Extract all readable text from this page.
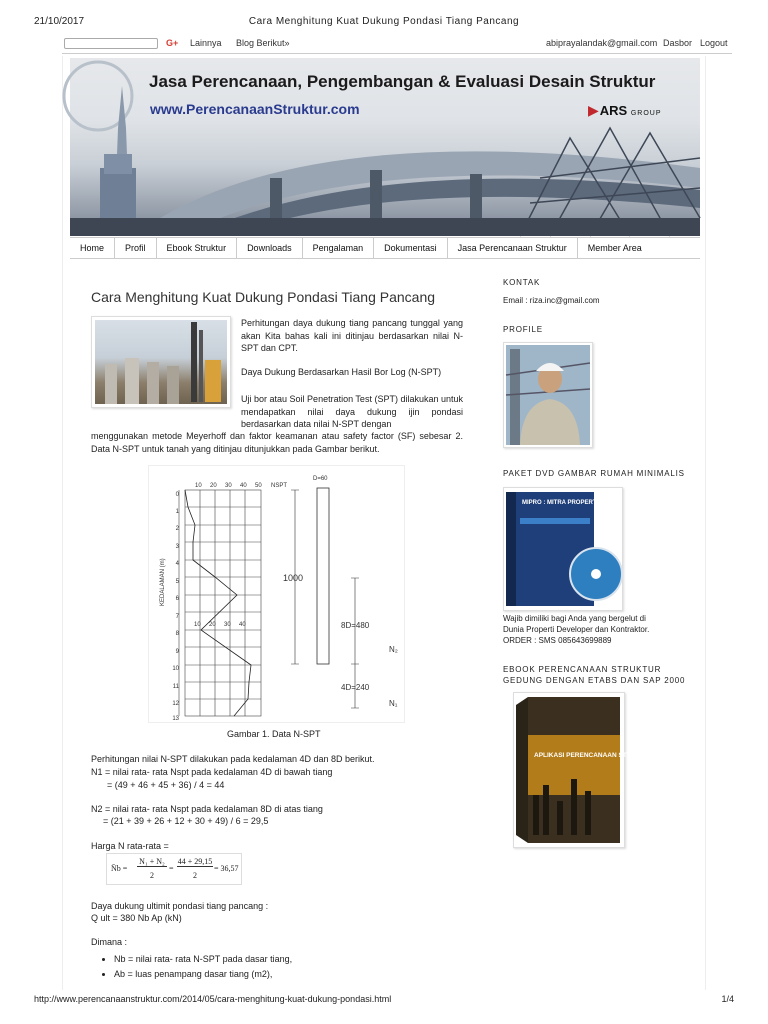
21/10/2017	Cara Menghitung Kuat Dukung Pondasi Tiang Pancang
G+ Lainnya Blog Berikut»	abiprayalandak@gmail.com Dasbor Logout
Jasa Perencanaan, Pengembangan & Evaluasi Desain Struktur
www.PerencanaanStruktur.com	▶ARS GROUP
Home	Profil	Ebook Struktur	Downloads	Pengalaman	Dokumentasi	Jasa Perencanaan Struktur	Member Area
Cara Menghitung Kuat Dukung Pondasi Tiang Pancang
Perhitungan daya dukung tiang pancang tunggal yang akan Kita bahas kali ini ditinjau berdasarkan nilai N-SPT dan CPT.
Daya Dukung Berdasarkan Hasil Bor Log (N-SPT)
Uji bor atau Soil Penetration Test (SPT) dilakukan untuk mendapatkan nilai daya dukung ijin pondasi berdasarkan data nilai N-SPT dengan
menggunakan metode Meyerhoff dan faktor keamanan atau safety factor (SF) sebesar 2. Data N-SPT untuk tanah yang ditinjau ditunjukkan pada Gambar berikut.
10 20 30 40 50 NSPT
10 20 30 40
0
1
2
3
4
5
6
7
8
9
10
11
12
13
KEDALAMAN (m)
D=60
1000
8D=480
4D=240
N₂
N₁
Gambar 1. Data N-SPT
Perhitungan nilai N-SPT dilakukan pada kedalaman 4D dan 8D berikut.
N1 = nilai rata- rata Nspt pada kedalaman 4D di bawah tiang
= (49 + 46 + 45 + 36) / 4 = 44
N2 = nilai rata- rata Nspt pada kedalaman 8D di atas tiang
= (21 + 39 + 26 + 12 + 30 + 49) / 6 = 29,5
Harga N rata-rata =
N̄b =
N₁ + N₂
2
=
44 + 29,15
2
= 36,57
Daya dukung ultimit pondasi tiang pancang :
Q ult = 380 Nb Ap (kN)
Dimana :
• Nb = nilai rata- rata N-SPT pada dasar tiang,
• Ab = luas penampang dasar tiang (m2),
KONTAK
Email : riza.inc@gmail.com
PROFILE
PAKET DVD GAMBAR RUMAH MINIMALIS
MIPRO : MITRA PROPERTI
Wajib dimiliki bagi Anda yang bergelut di
Dunia Properti Developer dan Kontraktor.
ORDER : SMS 085643699889
EBOOK PERENCANAAN STRUKTUR
GEDUNG DENGAN ETABS DAN SAP 2000
APLIKASI PERENCANAAN STRUKTUR GEDUNG
http://www.perencanaanstruktur.com/2014/05/cara-menghitung-kuat-dukung-pondasi.html	1/4
